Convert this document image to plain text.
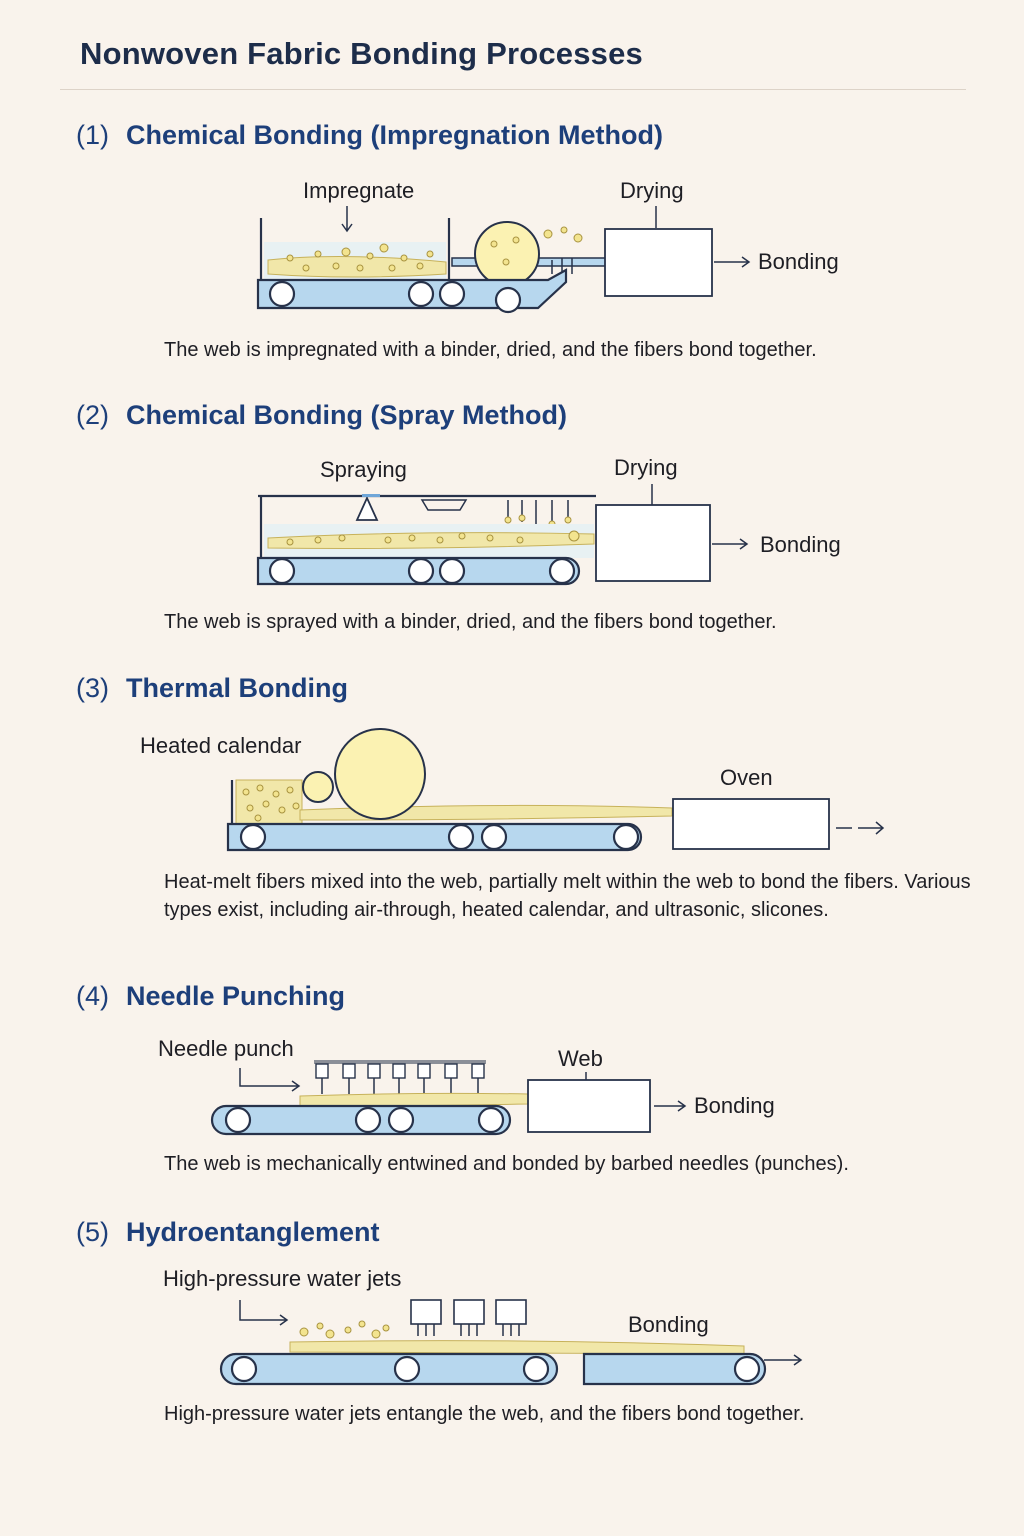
Nonwoven Fabric Bonding Processes
(1) Chemical Bonding (Impregnation Method)
Impregnate	Drying
Bonding
The web is impregnated with a binder, dried, and the fibers bond together.
(2) Chemical Bonding (Spray Method)
Spraying	Drying
Bonding
The web is sprayed with a binder, dried, and the fibers bond together.
(3) Thermal Bonding
Heated calendar
Oven
Heat-melt fibers mixed into the web, partially melt within the web to bond the fibers. Various types exist, including air-through, heated calendar, and ultrasonic, slicones.
(4) Needle Punching
Needle punch	Web
Bonding
The web is mechanically entwined and bonded by barbed needles (punches).
(5) Hydroentanglement
High-pressure water jets
Bonding
High-pressure water jets entangle the web, and the fibers bond together.
